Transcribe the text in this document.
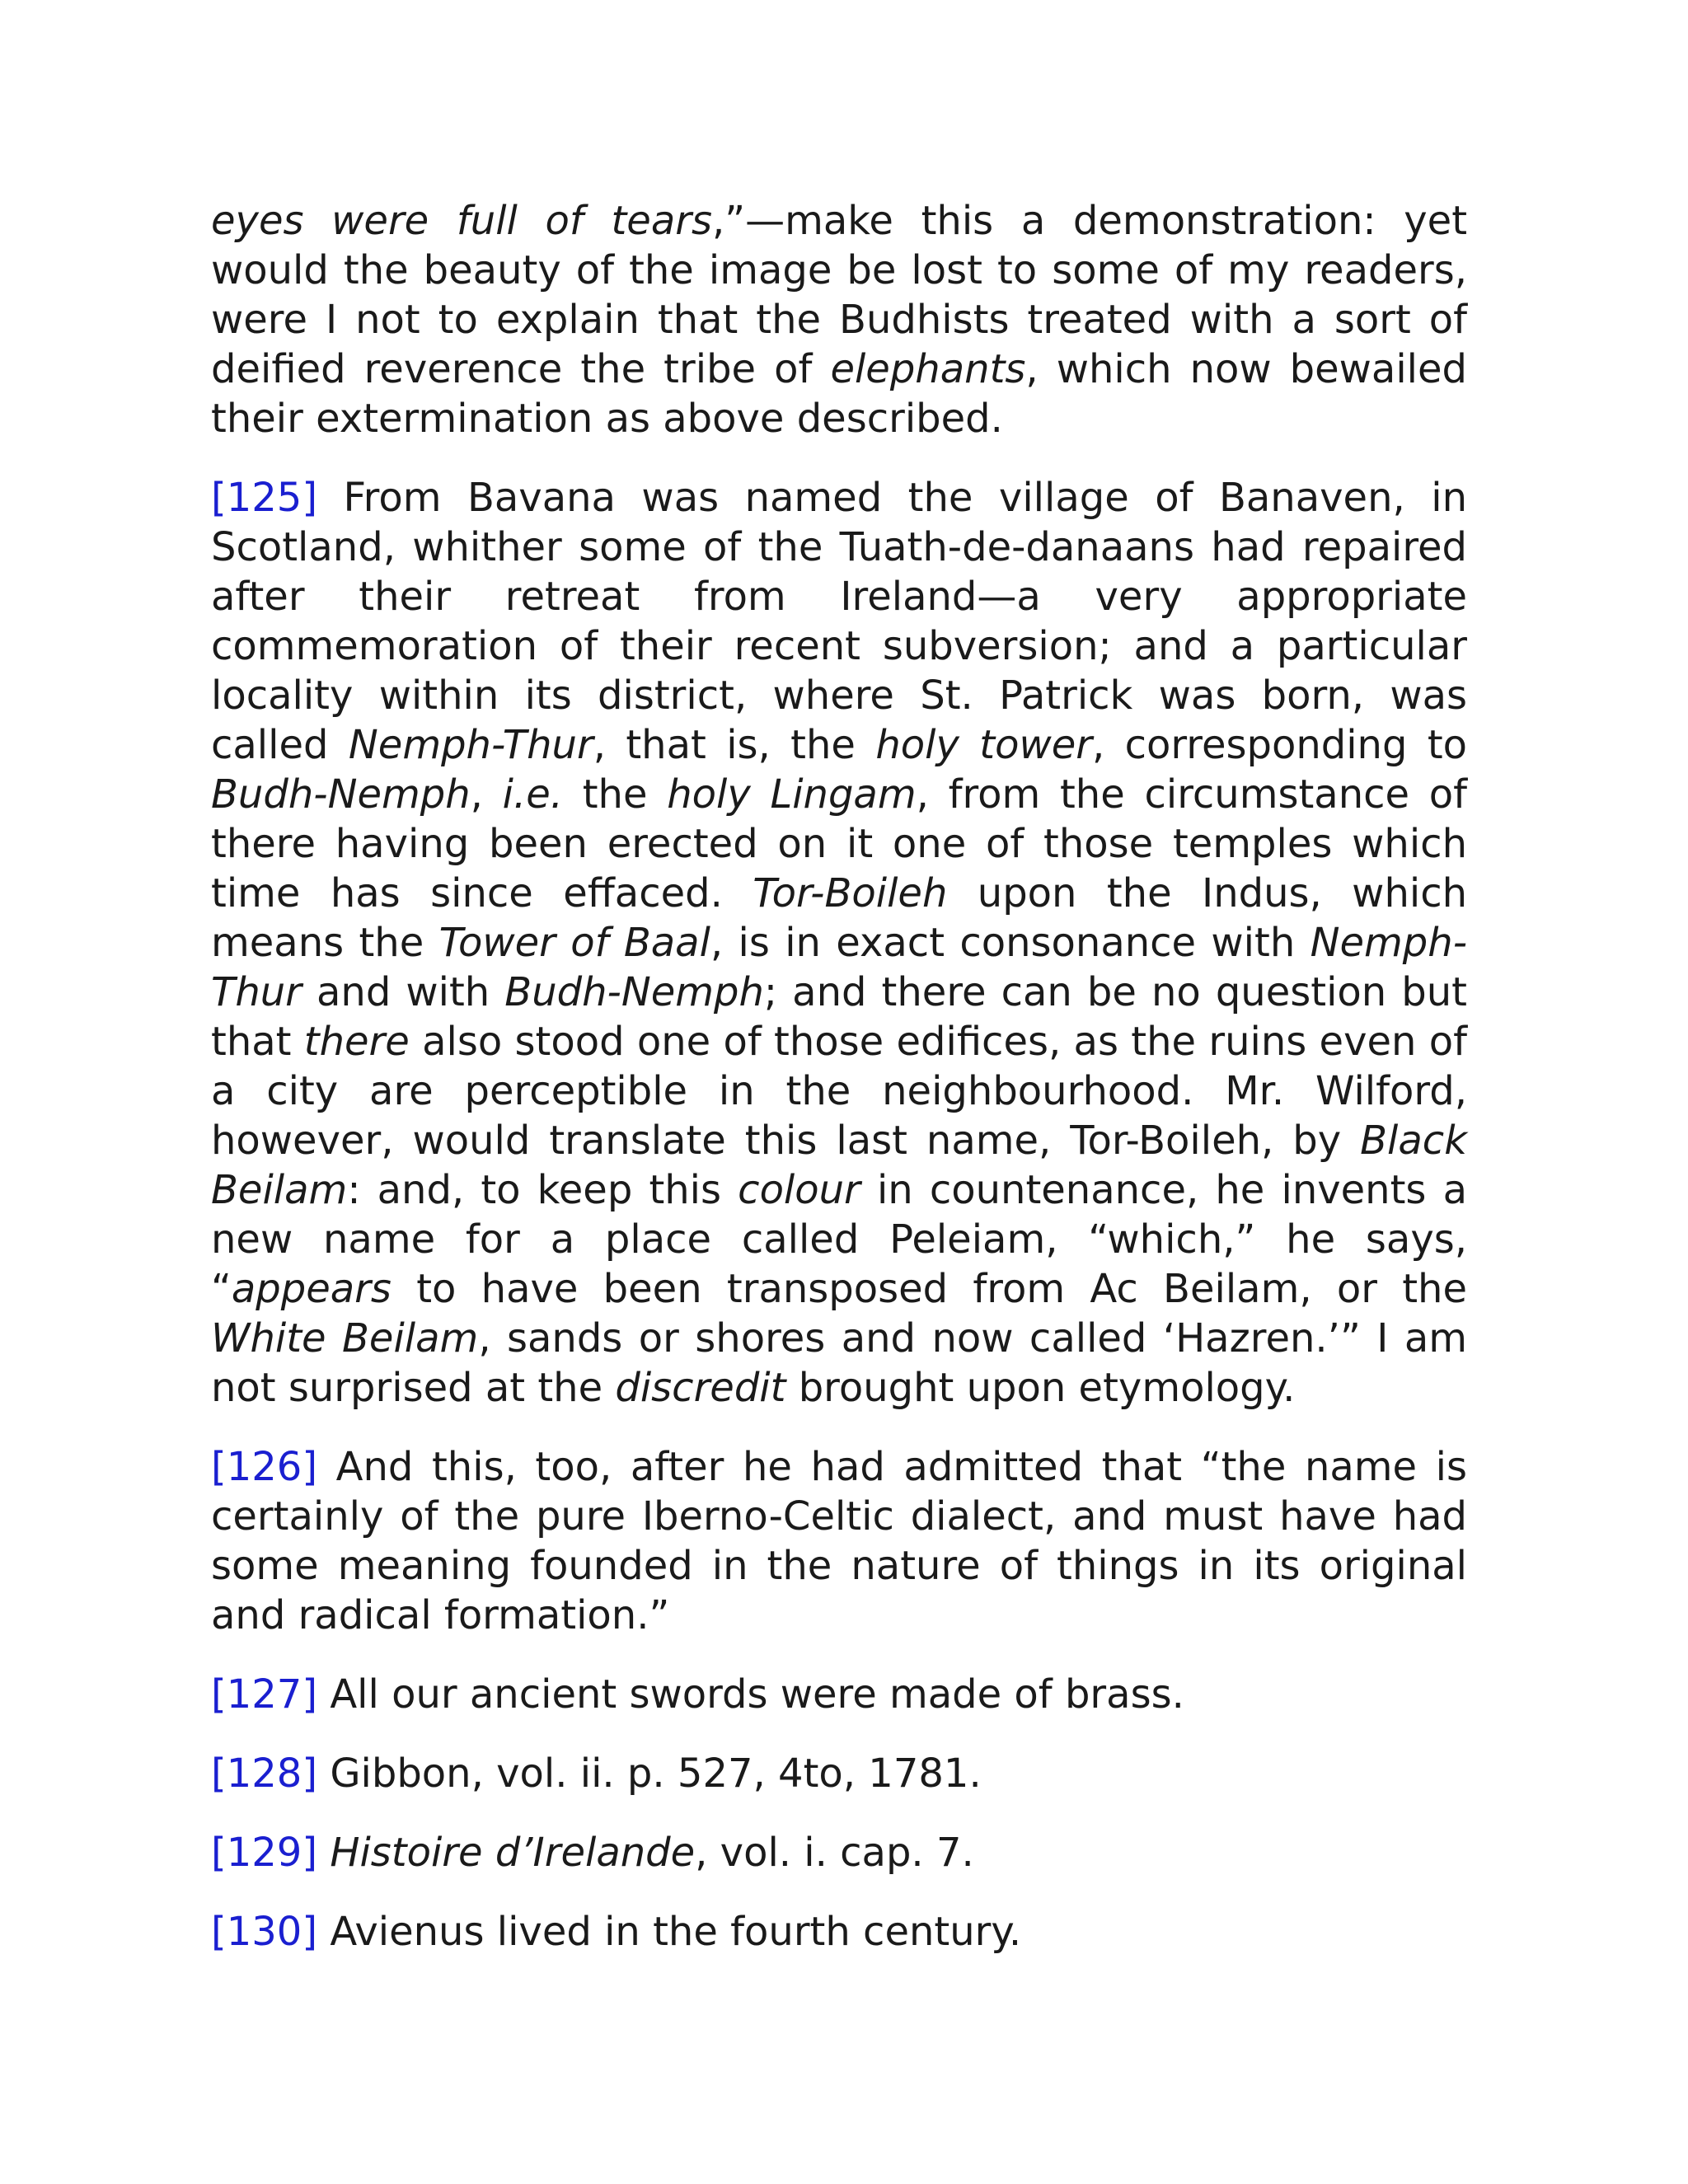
eyes were full of tears,”—make this a demonstration: yet would the beauty of the image be lost to some of my readers, were I not to explain that the Budhists treated with a sort of deified reverence the tribe of elephants, which now bewailed their extermination as above described.

[125] From Bavana was named the village of Banaven, in Scotland, whither some of the Tuath-de-danaans had repaired after their retreat from Ireland—a very appropriate commemoration of their recent subversion; and a particular locality within its district, where St. Patrick was born, was called Nemph-Thur, that is, the holy tower, corresponding to Budh-Nemph, i.e. the holy Lingam, from the circumstance of there having been erected on it one of those temples which time has since effaced. Tor-Boileh upon the Indus, which means the Tower of Baal, is in exact consonance with Nemph-Thur and with Budh-Nemph; and there can be no question but that there also stood one of those edifices, as the ruins even of a city are perceptible in the neighbourhood. Mr. Wilford, however, would translate this last name, Tor-Boileh, by Black Beilam: and, to keep this colour in countenance, he invents a new name for a place called Peleiam, “which,” he says, “appears to have been transposed from Ac Beilam, or the White Beilam, sands or shores and now called ‘Hazren.’” I am not surprised at the discredit brought upon etymology.

[126] And this, too, after he had admitted that “the name is certainly of the pure Iberno-Celtic dialect, and must have had some meaning founded in the nature of things in its original and radical formation.”

[127] All our ancient swords were made of brass.

[128] Gibbon, vol. ii. p. 527, 4to, 1781.

[129] Histoire d’Irelande, vol. i. cap. 7.

[130] Avienus lived in the fourth century.
